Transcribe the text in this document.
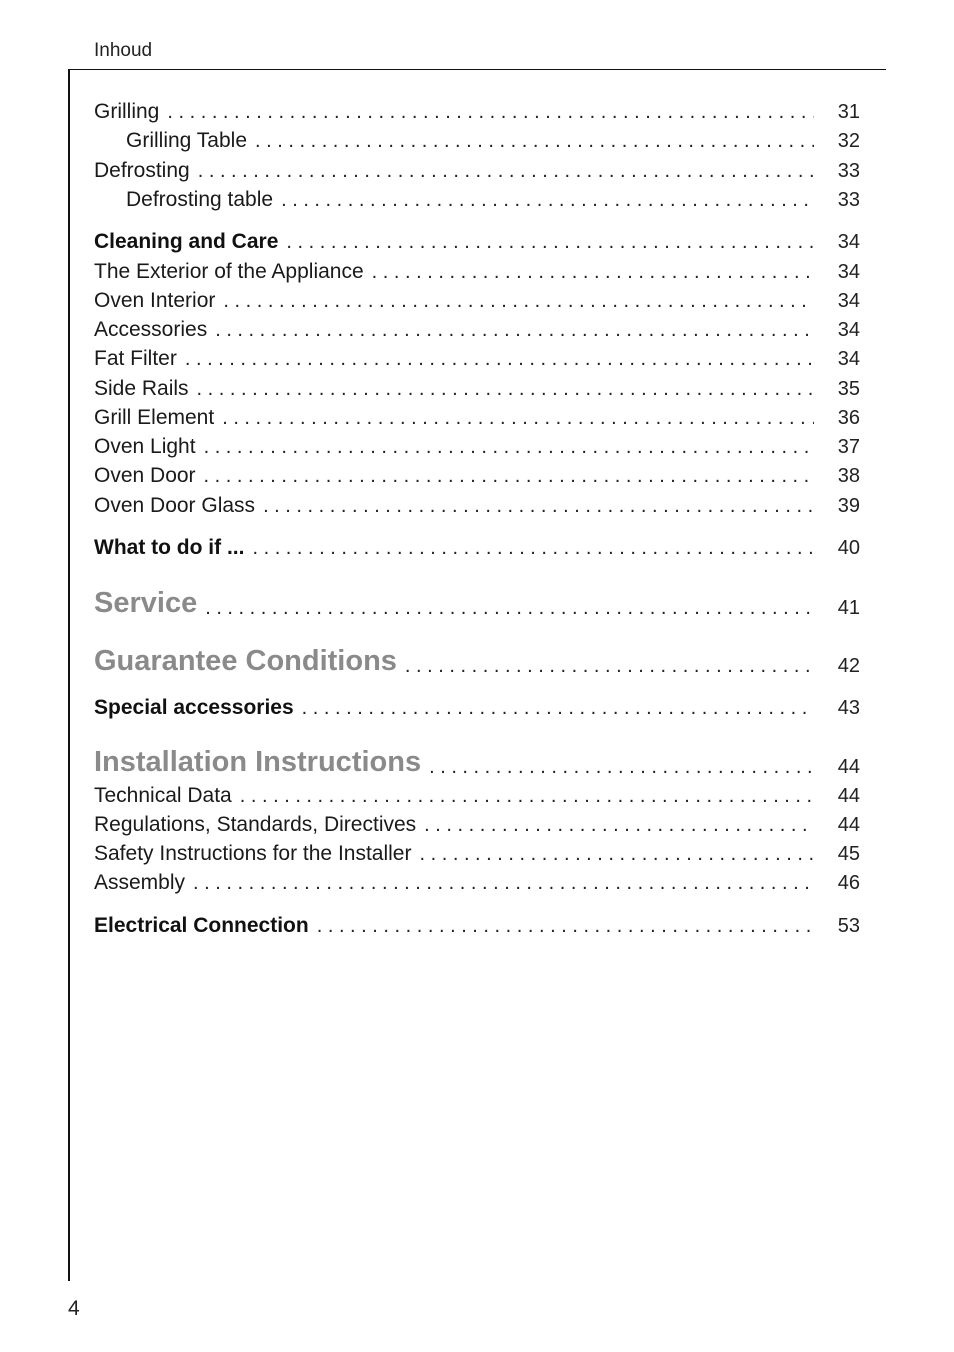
Inhoud
Grilling . . .	31
Grilling Table . . .	32
Defrosting . . .	33
Defrosting table . . .	33
Cleaning and Care . . .	34
The Exterior of the Appliance . . .	34
Oven Interior . . .	34
Accessories . . .	34
Fat Filter . . .	34
Side Rails . . .	35
Grill Element . . .	36
Oven Light . . .	37
Oven Door . . .	38
Oven Door Glass . . .	39
What to do if ... . . .	40
Service . . .	41
Guarantee Conditions . . .	42
Special accessories . . .	43
Installation Instructions . . .	44
Technical Data . . .	44
Regulations, Standards, Directives . . .	44
Safety Instructions for the Installer . . .	45
Assembly . . .	46
Electrical Connection . . .	53
4
